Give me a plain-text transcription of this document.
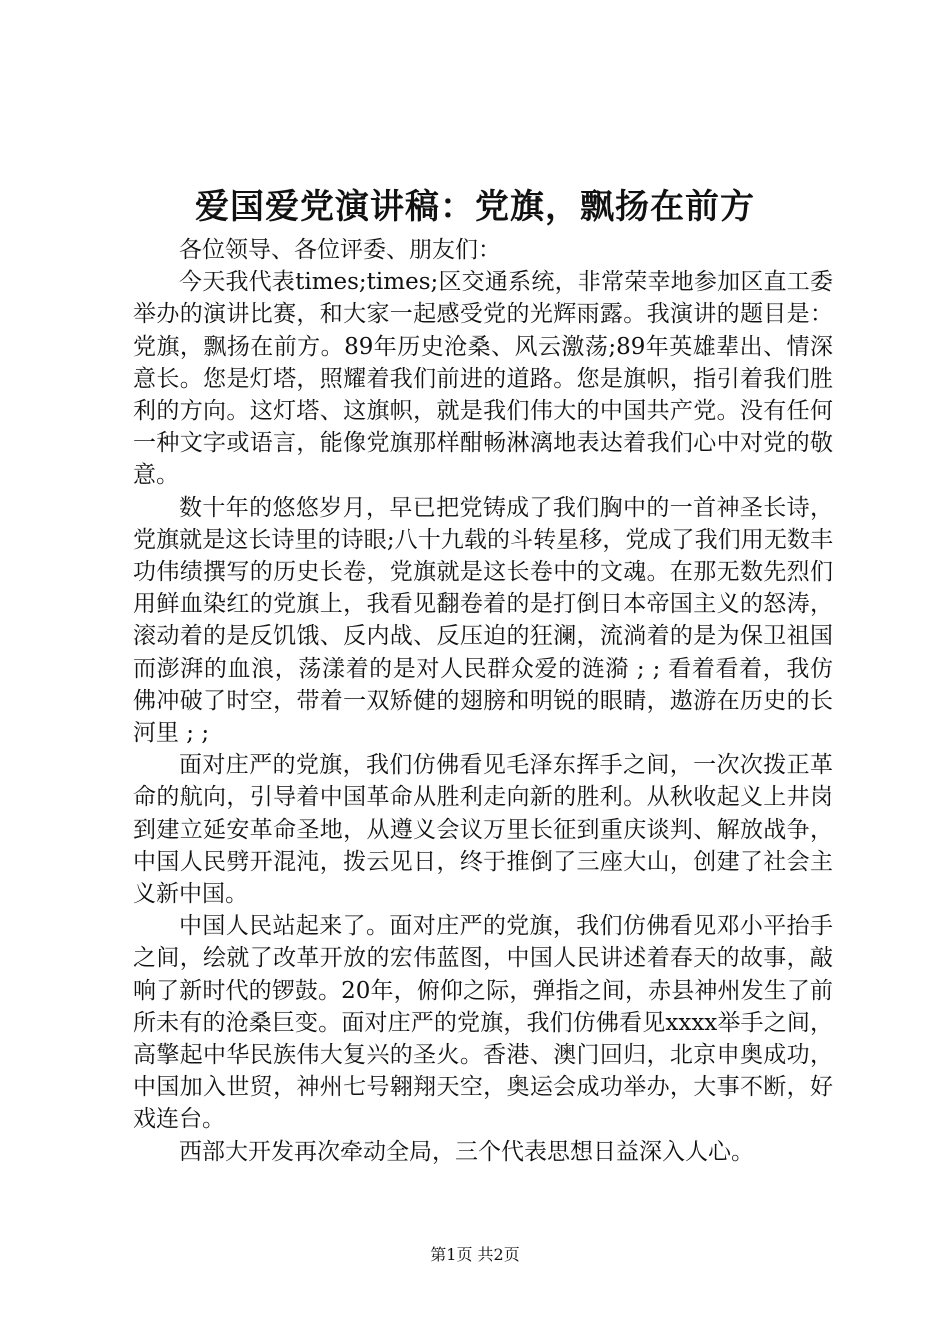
爱国爱党演讲稿：党旗，飘扬在前方

各位领导、各位评委、朋友们：

今天我代表times;times;区交通系统，非常荣幸地参加区直工委举办的演讲比赛，和大家一起感受党的光辉雨露。我演讲的题目是：党旗，飘扬在前方。89年历史沧桑、风云激荡;89年英雄辈出、情深意长。您是灯塔，照耀着我们前进的道路。您是旗帜，指引着我们胜利的方向。这灯塔、这旗帜，就是我们伟大的中国共产党。没有任何一种文字或语言，能像党旗那样酣畅淋漓地表达着我们心中对党的敬意。

数十年的悠悠岁月，早已把党铸成了我们胸中的一首神圣长诗，党旗就是这长诗里的诗眼;八十九载的斗转星移，党成了我们用无数丰功伟绩撰写的历史长卷，党旗就是这长卷中的文魂。在那无数先烈们用鲜血染红的党旗上，我看见翻卷着的是打倒日本帝国主义的怒涛，滚动着的是反饥饿、反内战、反压迫的狂澜，流淌着的是为保卫祖国而澎湃的血浪，荡漾着的是对人民群众爱的涟漪 ; ; 看着看着，我仿佛冲破了时空，带着一双矫健的翅膀和明锐的眼睛，遨游在历史的长河里 ; ;

面对庄严的党旗，我们仿佛看见毛泽东挥手之间，一次次拨正革命的航向，引导着中国革命从胜利走向新的胜利。从秋收起义上井岗到建立延安革命圣地，从遵义会议万里长征到重庆谈判、解放战争，中国人民劈开混沌，拨云见日，终于推倒了三座大山，创建了社会主义新中国。

中国人民站起来了。面对庄严的党旗，我们仿佛看见邓小平抬手之间，绘就了改革开放的宏伟蓝图，中国人民讲述着春天的故事，敲响了新时代的锣鼓。20年，俯仰之际，弹指之间，赤县神州发生了前所未有的沧桑巨变。面对庄严的党旗，我们仿佛看见xxxx举手之间，高擎起中华民族伟大复兴的圣火。香港、澳门回归，北京申奥成功，中国加入世贸，神州七号翱翔天空，奥运会成功举办，大事不断，好戏连台。

西部大开发再次牵动全局，三个代表思想日益深入人心。

第1页 共2页
